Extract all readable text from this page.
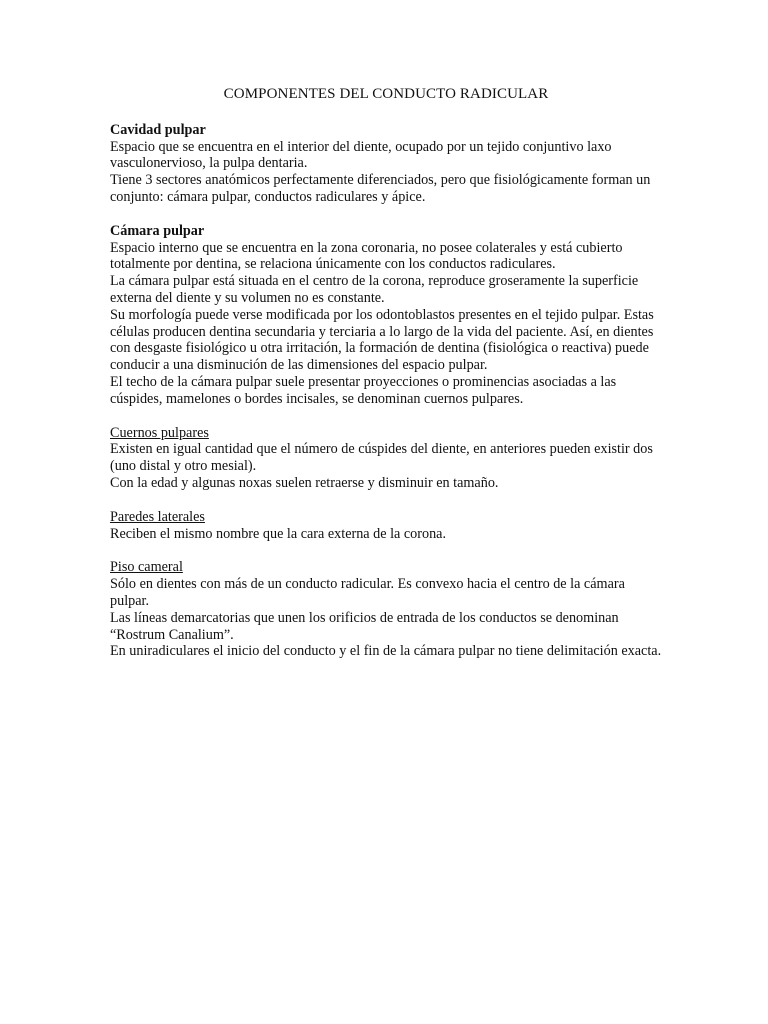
COMPONENTES DEL CONDUCTO RADICULAR
Cavidad pulpar
Espacio que se encuentra en el interior del diente, ocupado por un tejido conjuntivo laxo vasculonervioso, la pulpa dentaria.
Tiene 3 sectores anatómicos perfectamente diferenciados, pero que fisiológicamente forman un conjunto: cámara pulpar, conductos radiculares y ápice.
Cámara pulpar
Espacio interno que se encuentra en la zona coronaria, no posee colaterales y está cubierto totalmente por dentina, se relaciona únicamente con los conductos radiculares.
La cámara pulpar está situada en el centro de la corona, reproduce groseramente la superficie externa del diente y su volumen no es constante.
Su morfología puede verse modificada por los odontoblastos presentes en el tejido pulpar. Estas células producen dentina secundaria y terciaria a lo largo de la vida del paciente. Así, en dientes con desgaste fisiológico u otra irritación, la formación de dentina (fisiológica o reactiva) puede conducir a una disminución de las dimensiones del espacio pulpar.
El techo de la cámara pulpar suele presentar proyecciones o prominencias asociadas a las cúspides, mamelones o bordes incisales, se denominan cuernos pulpares.
Cuernos pulpares
Existen en igual cantidad que el número de cúspides del diente, en anteriores pueden existir dos (uno distal y otro mesial).
Con la edad y algunas noxas suelen retraerse y disminuir en tamaño.
Paredes laterales
Reciben el mismo nombre que la cara externa de la corona.
Piso cameral
Sólo en dientes con más de un conducto radicular. Es convexo hacia el centro de la cámara pulpar.
Las líneas demarcatorias que unen los orificios de entrada de los conductos se denominan “Rostrum Canalium”.
En uniradiculares el inicio del conducto y el fin de la cámara pulpar no tiene delimitación exacta.
